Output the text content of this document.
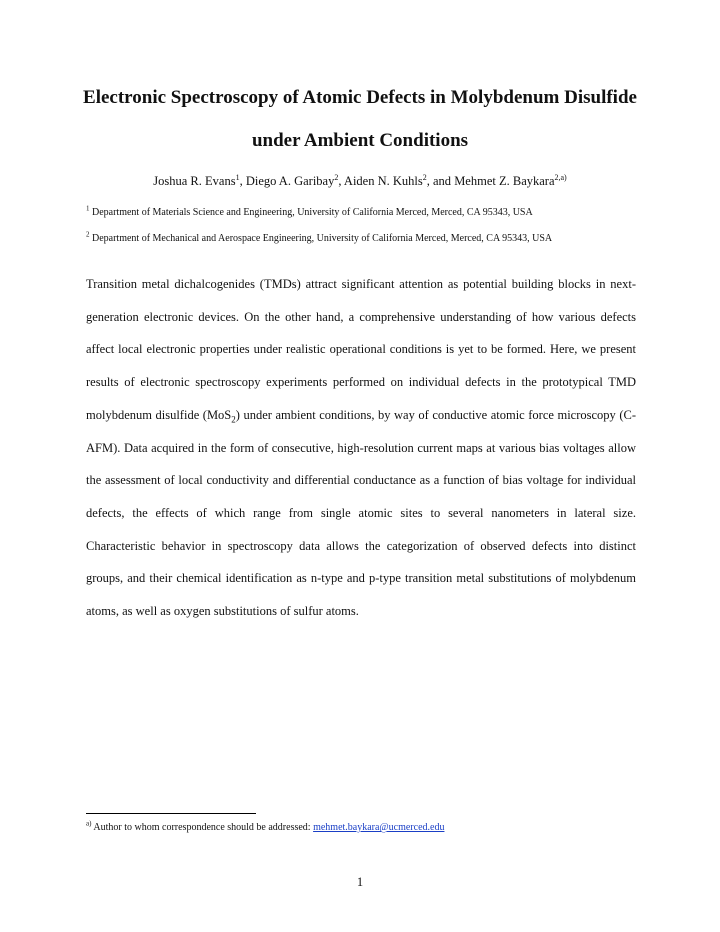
Electronic Spectroscopy of Atomic Defects in Molybdenum Disulfide
under Ambient Conditions
Joshua R. Evans$^1$, Diego A. Garibay$^2$, Aiden N. Kuhls$^2$, and Mehmet Z. Baykara$^{2,a)}$
$^1$ Department of Materials Science and Engineering, University of California Merced, Merced, CA 95343, USA
$^2$ Department of Mechanical and Aerospace Engineering, University of California Merced, Merced, CA 95343, USA
Transition metal dichalcogenides (TMDs) attract significant attention as potential building blocks in next-generation electronic devices. On the other hand, a comprehensive understanding of how various defects affect local electronic properties under realistic operational conditions is yet to be formed. Here, we present results of electronic spectroscopy experiments performed on individual defects in the prototypical TMD molybdenum disulfide (MoS$_2$) under ambient conditions, by way of conductive atomic force microscopy (C-AFM). Data acquired in the form of consecutive, high-resolution current maps at various bias voltages allow the assessment of local conductivity and differential conductance as a function of bias voltage for individual defects, the effects of which range from single atomic sites to several nanometers in lateral size. Characteristic behavior in spectroscopy data allows the categorization of observed defects into distinct groups, and their chemical identification as n-type and p-type transition metal substitutions of molybdenum atoms, as well as oxygen substitutions of sulfur atoms.
$^{a)}$ Author to whom correspondence should be addressed: mehmet.baykara@ucmerced.edu
1
